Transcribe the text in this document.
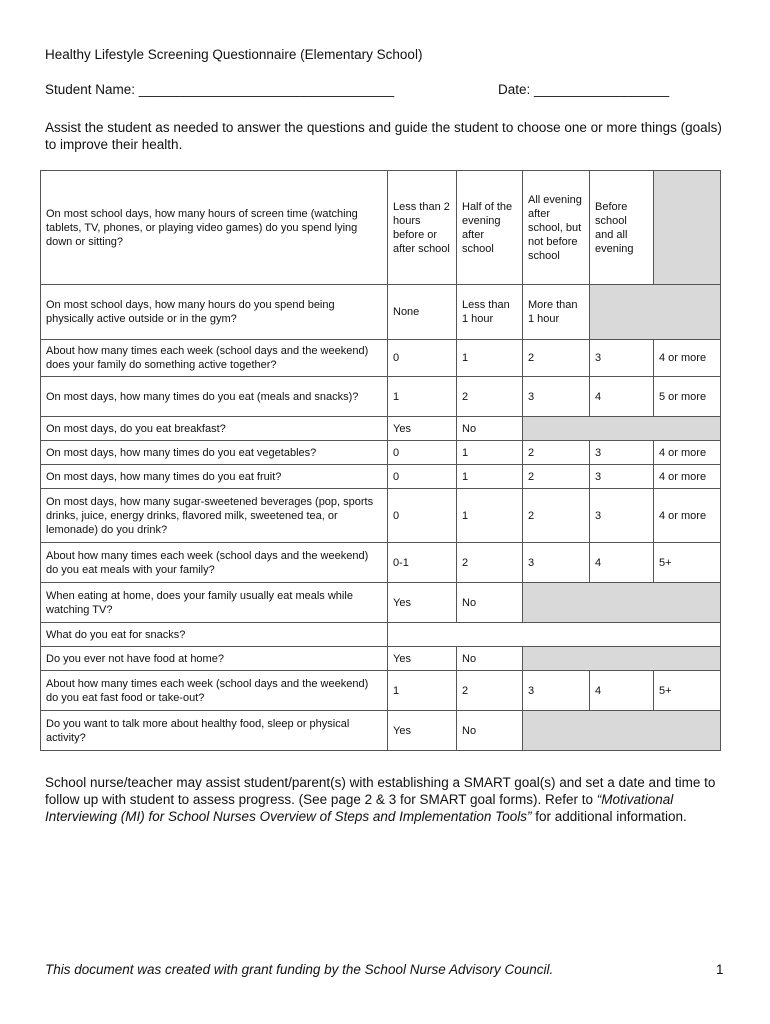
Healthy Lifestyle Screening Questionnaire (Elementary School)
Student Name: __________________________________	Date: __________________
Assist the student as needed to answer the questions and guide the student to choose one or more things (goals) to improve their health.
On most school days, how many hours of screen time (watching tablets, TV, phones, or playing video games) do you spend lying down or sitting?	Less than 2 hours before or after school	Half of the evening after school	All evening after school, but not before school	Before school and all evening	
On most school days, how many hours do you spend being physically active outside or in the gym?	None	Less than 1 hour	More than 1 hour		
About how many times each week (school days and the weekend) does your family do something active together?	0	1	2	3	4 or more
On most days, how many times do you eat (meals and snacks)?	1	2	3	4	5 or more
On most days, do you eat breakfast?	Yes	No			
On most days, how many times do you eat vegetables?	0	1	2	3	4 or more
On most days, how many times do you eat fruit?	0	1	2	3	4 or more
On most days, how many sugar-sweetened beverages (pop, sports drinks, juice, energy drinks, flavored milk, sweetened tea, or lemonade) do you drink?	0	1	2	3	4 or more
About how many times each week (school days and the weekend) do you eat meals with your family?	0-1	2	3	4	5+
When eating at home, does your family usually eat meals while watching TV?	Yes	No			
What do you eat for snacks?					
Do you ever not have food at home?	Yes	No			
About how many times each week (school days and the weekend) do you eat fast food or take-out?	1	2	3	4	5+
Do you want to talk more about healthy food, sleep or physical activity?	Yes	No			
School nurse/teacher may assist student/parent(s) with establishing a SMART goal(s) and set a date and time to follow up with student to assess progress. (See page 2 & 3 for SMART goal forms). Refer to “Motivational Interviewing (MI) for School Nurses Overview of Steps and Implementation Tools” for additional information.
This document was created with grant funding by the School Nurse Advisory Council.	1
